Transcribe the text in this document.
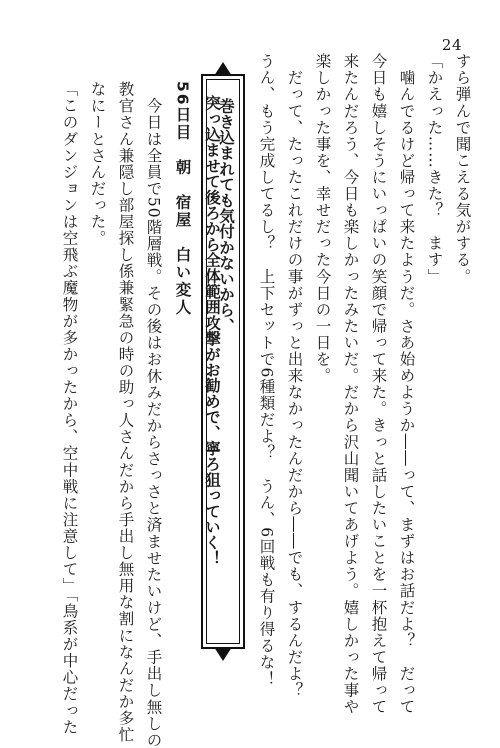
24
すら弾んで聞こえる気がする。
「かえった……きた？　ます」
　噛んでるけど帰って来たようだ。さあ始めようか――って、まずはお話だよ？　だって
今日も嬉しそうにいっぱいの笑顔で帰って来た。きっと話したいことを一杯抱えて帰って
来たんだろう、今日も楽しかったみたいだ。だから沢山聞いてあげよう。嬉しかった事や
楽しかった事を、幸せだった今日の一日を。
　だって、たったこれだけの事がずっと出来なかったんだから――でも、するんだよ？
うん、もう完成してるし？　上下セットで6種類だよ？　うん、6回戦も有り得るな！
巻き込まれても気付かないから、
突っ込ませて後ろから全体範囲攻撃がお勧めで、寧ろ狙っていく！
56日目　朝　宿屋　白い変人
　今日は全員で50階層戦。その後はお休みだからさっさと済ませたいけど、手出し無しの
教官さん兼隠し部屋探し係兼緊急の時の助っ人さんだから手出し無用な割になんだか多忙
なにーとさんだった。
「このダンジョンは空飛ぶ魔物が多かったから、空中戦に注意して」「鳥系が中心だった
